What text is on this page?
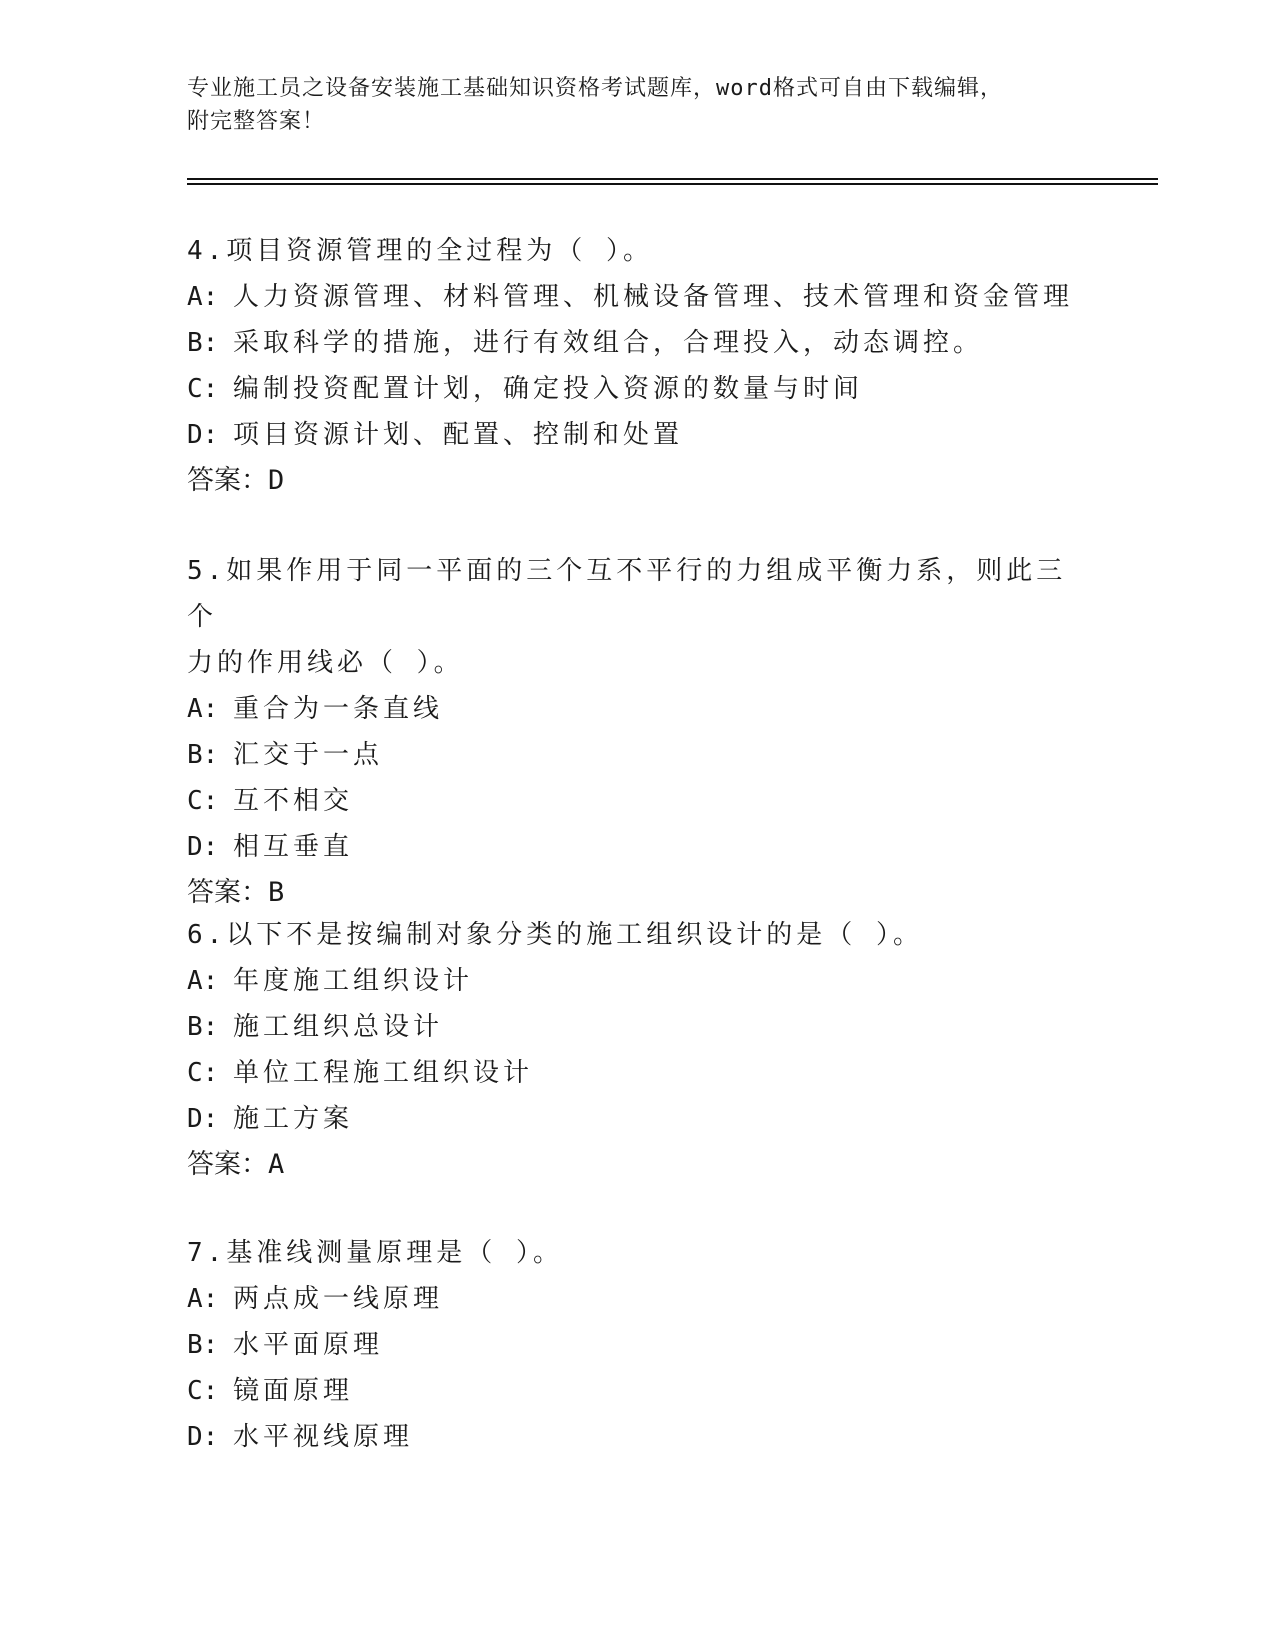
专业施工员之设备安装施工基础知识资格考试题库，word格式可自由下载编辑，
附完整答案！

4.项目资源管理的全过程为（ ）。

A: 人力资源管理、材料管理、机械设备管理、技术管理和资金管理

B: 采取科学的措施，进行有效组合，合理投入，动态调控。

C: 编制投资配置计划，确定投入资源的数量与时间

D: 项目资源计划、配置、控制和处置

答案：D

5.如果作用于同一平面的三个互不平行的力组成平衡力系，则此三个

力的作用线必（ ）。

A: 重合为一条直线

B: 汇交于一点

C: 互不相交

D: 相互垂直

答案：B

6.以下不是按编制对象分类的施工组织设计的是（ ）。

A: 年度施工组织设计

B: 施工组织总设计

C: 单位工程施工组织设计

D: 施工方案

答案：A

7.基准线测量原理是（ ）。

A: 两点成一线原理

B: 水平面原理

C: 镜面原理

D: 水平视线原理
